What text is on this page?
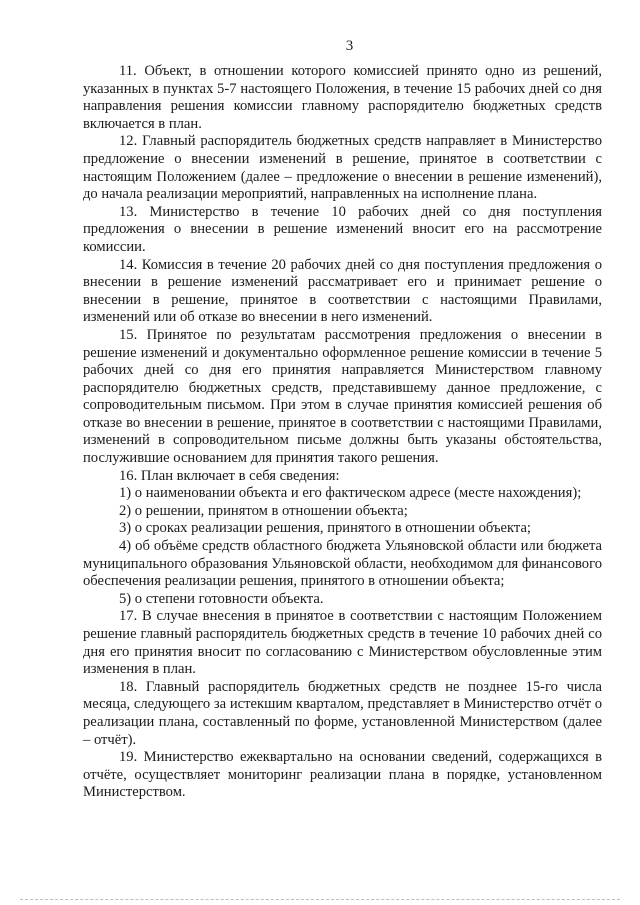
3

11. Объект, в отношении которого комиссией принято одно из решений, указанных в пунктах 5-7 настоящего Положения, в течение 15 рабочих дней со дня направления решения комиссии главному распорядителю бюджетных средств включается в план.

12. Главный распорядитель бюджетных средств направляет в Министерство предложение о внесении изменений в решение, принятое в соответствии с настоящим Положением (далее – предложение о внесении в решение изменений), до начала реализации мероприятий, направленных на исполнение плана.

13. Министерство в течение 10 рабочих дней со дня поступления предложения о внесении в решение изменений вносит его на рассмотрение комиссии.

14. Комиссия в течение 20 рабочих дней со дня поступления предложения о внесении в решение изменений рассматривает его и принимает решение о внесении в решение, принятое в соответствии с настоящими Правилами, изменений или об отказе во внесении в него изменений.

15. Принятое по результатам рассмотрения предложения о внесении в решение изменений и документально оформленное решение комиссии в течение 5 рабочих дней со дня его принятия направляется Министерством главному распорядителю бюджетных средств, представившему данное предложение, с сопроводительным письмом. При этом в случае принятия комиссией решения об отказе во внесении в решение, принятое в соответствии с настоящими Правилами, изменений в сопроводительном письме должны быть указаны обстоятельства, послужившие основанием для принятия такого решения.

16. План включает в себя сведения:

1) о наименовании объекта и его фактическом адресе (месте нахождения);

2) о решении, принятом в отношении объекта;

3) о сроках реализации решения, принятого в отношении объекта;

4) об объёме средств областного бюджета Ульяновской области или бюджета муниципального образования Ульяновской области, необходимом для финансового обеспечения реализации решения, принятого в отношении объекта;

5) о степени готовности объекта.

17. В случае внесения в принятое в соответствии с настоящим Положением решение главный распорядитель бюджетных средств в течение 10 рабочих дней со дня его принятия вносит по согласованию с Министерством обусловленные этим изменения в план.

18. Главный распорядитель бюджетных средств не позднее 15-го числа месяца, следующего за истекшим кварталом, представляет в Министерство отчёт о реализации плана, составленный по форме, установленной Министерством (далее – отчёт).

19. Министерство ежеквартально на основании сведений, содержащихся в отчёте, осуществляет мониторинг реализации плана в порядке, установленном Министерством.
